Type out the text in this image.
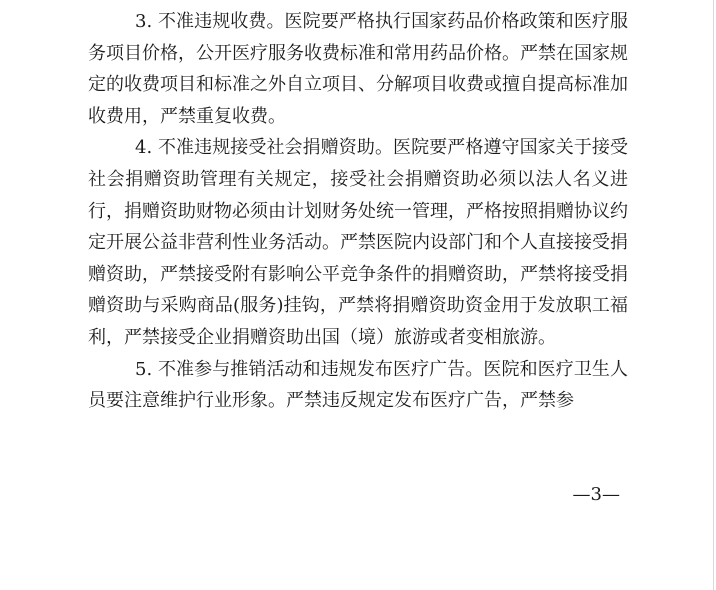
3. 不准违规收费。医院要严格执行国家药品价格政策和医疗服务项目价格，公开医疗服务收费标准和常用药品价格。严禁在国家规定的收费项目和标准之外自立项目、分解项目收费或擅自提高标准加收费用，严禁重复收费。

4. 不准违规接受社会捐赠资助。医院要严格遵守国家关于接受社会捐赠资助管理有关规定，接受社会捐赠资助必须以法人名义进行，捐赠资助财物必须由计划财务处统一管理，严格按照捐赠协议约定开展公益非营利性业务活动。严禁医院内设部门和个人直接接受捐赠资助，严禁接受附有影响公平竞争条件的捐赠资助，严禁将接受捐赠资助与采购商品(服务)挂钩，严禁将捐赠资助资金用于发放职工福利，严禁接受企业捐赠资助出国（境）旅游或者变相旅游。

5. 不准参与推销活动和违规发布医疗广告。医院和医疗卫生人员要注意维护行业形象。严禁违反规定发布医疗广告，严禁参

—3—
